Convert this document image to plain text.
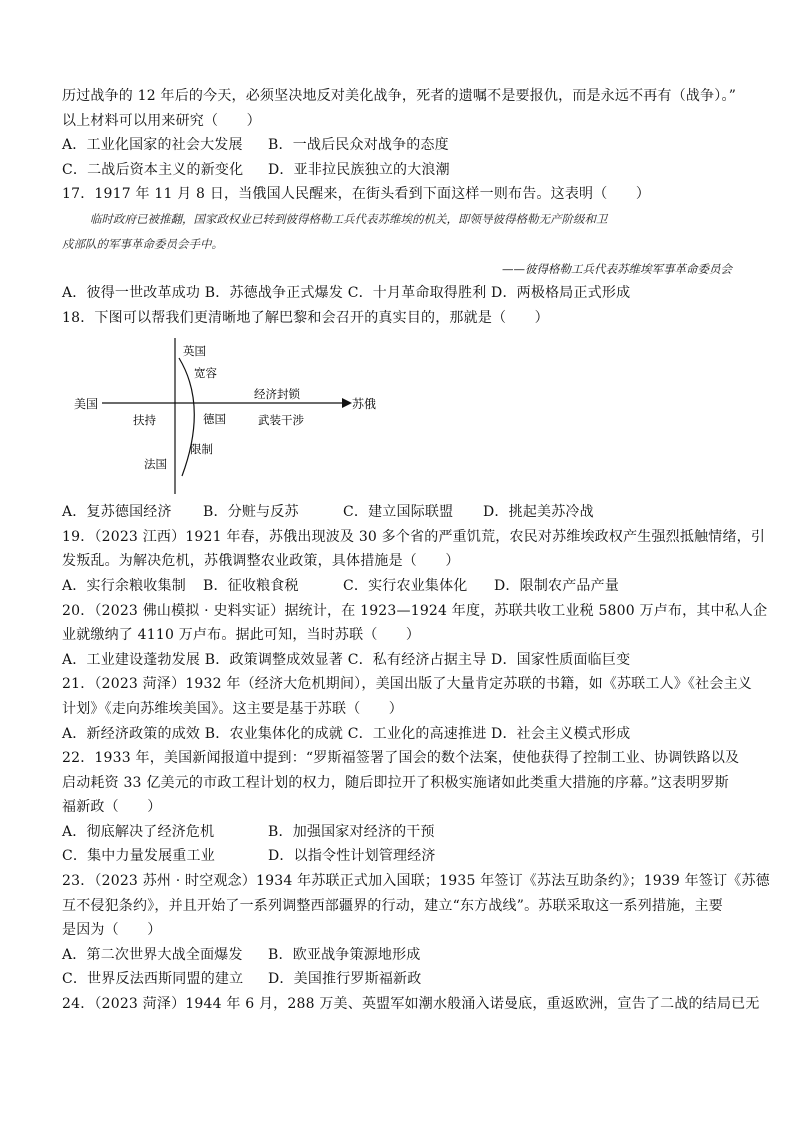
历过战争的 12 年后的今天，必须坚决地反对美化战争，死者的遗嘱不是要报仇，而是永远不再有（战争）。”
以上材料可以用来研究（　　）
A．工业化国家的社会大发展	B．一战后民众对战争的态度
C．二战后资本主义的新变化	D．亚非拉民族独立的大浪潮
17．1917 年 11 月 8 日，当俄国人民醒来，在街头看到下面这样一则布告。这表明（　　）
临时政府已被推翻，国家政权业已转到彼得格勒工兵代表苏维埃的机关，即领导彼得格勒无产阶级和卫
戍部队的军事革命委员会手中。
——彼得格勒工兵代表苏维埃军事革命委员会
A．彼得一世改革成功 B．苏德战争正式爆发 C．十月革命取得胜利 D．两极格局正式形成
18．下图可以帮我们更清晰地了解巴黎和会召开的真实目的，那就是（　　）
美国	苏俄
英国
宽容
扶持	德国
经济封锁
武装干涉
法国
限制
A．复苏德国经济	B．分赃与反苏	C．建立国际联盟	D．挑起美苏冷战
19．（2023 江西）1921 年春，苏俄出现波及 30 多个省的严重饥荒，农民对苏维埃政权产生强烈抵触情绪，引
发叛乱。为解决危机，苏俄调整农业政策，具体措施是（　　）
A．实行余粮收集制	B．征收粮食税	C．实行农业集体化	D．限制农产品产量
20．（2023 佛山模拟 · 史料实证）据统计，在 1923—1924 年度，苏联共收工业税 5800 万卢布，其中私人企
业就缴纳了 4110 万卢布。据此可知，当时苏联（　　）
A．工业建设蓬勃发展 B．政策调整成效显著 C．私有经济占据主导 D．国家性质面临巨变
21．（2023 菏泽）1932 年（经济大危机期间），美国出版了大量肯定苏联的书籍，如《苏联工人》《社会主义
计划》《走向苏维埃美国》。这主要是基于苏联（　　）
A．新经济政策的成效 B．农业集体化的成就 C．工业化的高速推进 D．社会主义模式形成
22．1933 年，美国新闻报道中提到：“罗斯福签署了国会的数个法案，使他获得了控制工业、协调铁路以及
启动耗资 33 亿美元的市政工程计划的权力，随后即拉开了积极实施诸如此类重大措施的序幕。”这表明罗斯
福新政（　　）
A．彻底解决了经济危机	B．加强国家对经济的干预
C．集中力量发展重工业	D．以指令性计划管理经济
23．（2023 苏州 · 时空观念）1934 年苏联正式加入国联；1935 年签订《苏法互助条约》；1939 年签订《苏德
互不侵犯条约》，并且开始了一系列调整西部疆界的行动，建立“东方战线”。苏联采取这一系列措施，主要
是因为（　　）
A．第二次世界大战全面爆发	B．欧亚战争策源地形成
C．世界反法西斯同盟的建立	D．美国推行罗斯福新政
24．（2023 菏泽）1944 年 6 月，288 万美、英盟军如潮水般涌入诺曼底，重返欧洲，宣告了二战的结局已无
